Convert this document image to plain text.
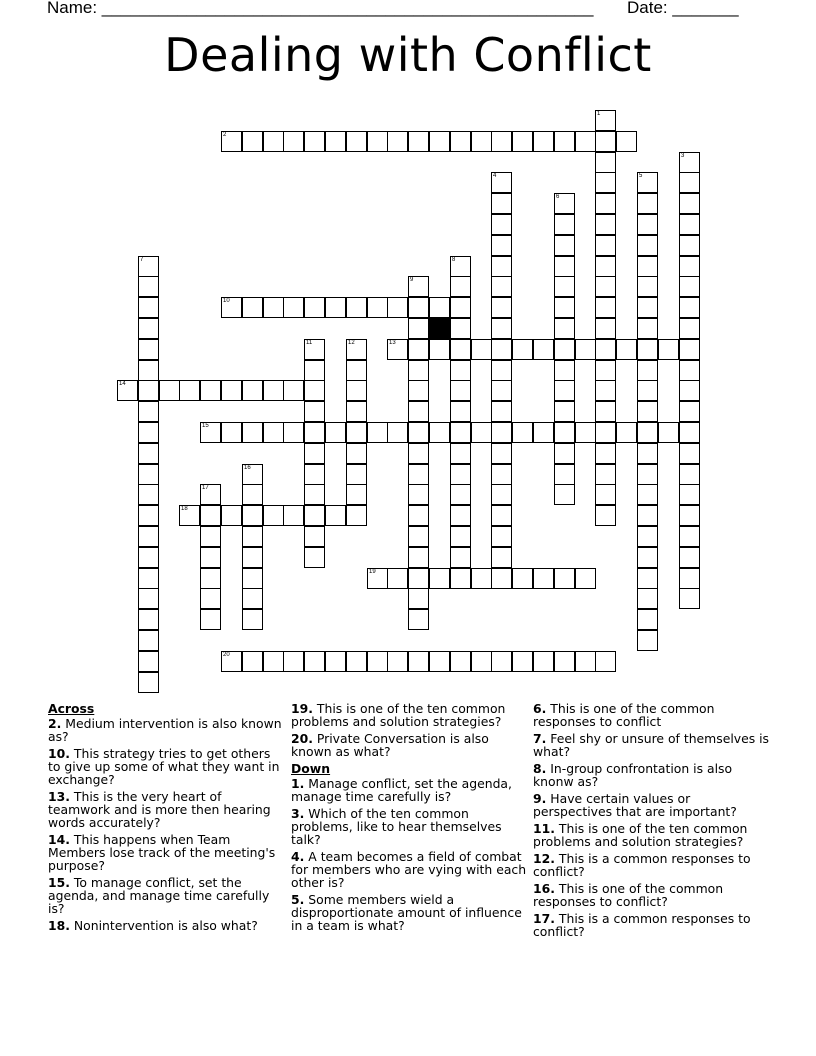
Name: ____________________________________________________ Date: _______
Dealing with Conflict
2
10
13
14
15
18
19
20
1
3
4	5
6
7	8
9
11	12
16
17
Across
2. Medium intervention is also known as?
10. This strategy tries to get others to give up some of what they want in exchange?
13. This is the very heart of teamwork and is more then hearing words accurately?
14. This happens when Team Members lose track of the meeting's purpose?
15. To manage conflict, set the agenda, and manage time carefully is?
18. Nonintervention is also what?
19. This is one of the ten common problems and solution strategies?
20. Private Conversation is also known as what?
Down
1. Manage conflict, set the agenda, manage time carefully is?
3. Which of the ten common problems, like to hear themselves talk?
4. A team becomes a field of combat for members who are vying with each other is?
5. Some members wield a disproportionate amount of influence in a team is what?
6. This is one of the common responses to conflict
7. Feel shy or unsure of themselves is what?
8. In-group confrontation is also knonw as?
9. Have certain values or perspectives that are important?
11. This is one of the ten common problems and solution strategies?
12. This is a common responses to conflict?
16. This is one of the common responses to conflict?
17. This is a common responses to conflict?
